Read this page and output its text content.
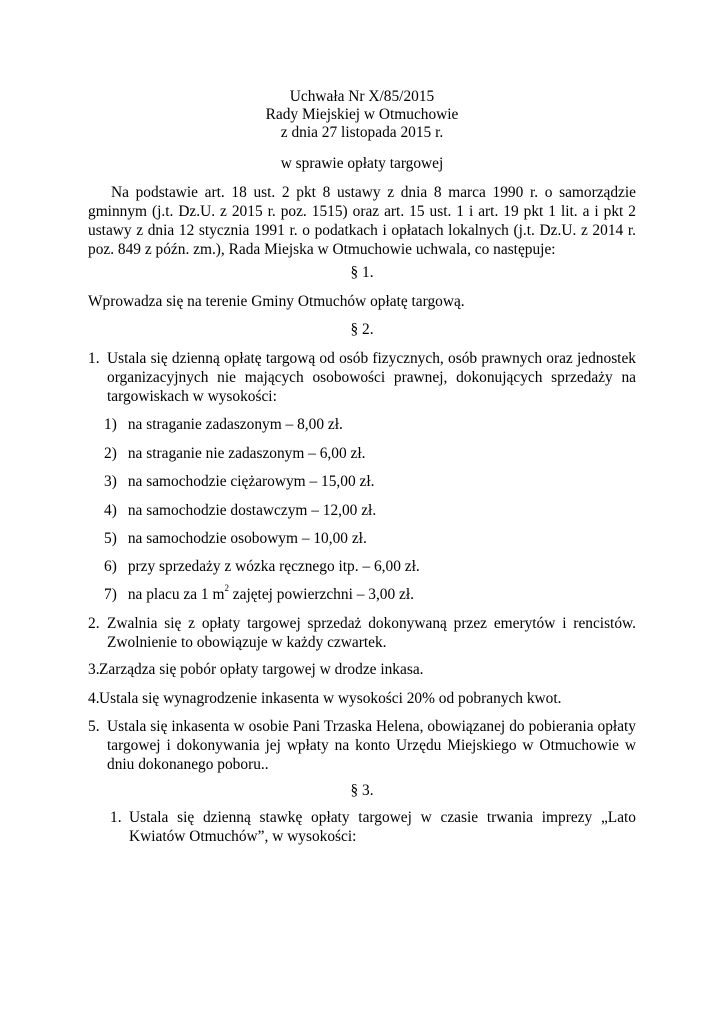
Uchwała Nr X/85/2015
Rady Miejskiej w Otmuchowie
z dnia 27 listopada 2015 r.
w sprawie opłaty targowej
Na podstawie art. 18 ust. 2 pkt 8 ustawy z dnia 8 marca 1990 r. o samorządzie gminnym (j.t. Dz.U. z 2015 r. poz. 1515) oraz art. 15 ust. 1 i art. 19 pkt 1 lit. a i pkt 2 ustawy z dnia 12 stycznia 1991 r. o podatkach i opłatach lokalnych (j.t. Dz.U. z 2014 r. poz. 849 z późn. zm.), Rada Miejska w Otmuchowie uchwala, co następuje:
§ 1.
Wprowadza się na terenie Gminy Otmuchów opłatę targową.
§ 2.
1. Ustala się dzienną opłatę targową od osób fizycznych, osób prawnych oraz jednostek organizacyjnych nie mających osobowości prawnej, dokonujących sprzedaży na targowiskach w wysokości:
1) na straganie zadaszonym – 8,00 zł.
2) na straganie nie zadaszonym – 6,00 zł.
3) na samochodzie ciężarowym – 15,00 zł.
4) na samochodzie dostawczym – 12,00 zł.
5) na samochodzie osobowym – 10,00 zł.
6) przy sprzedaży z wózka ręcznego itp. – 6,00 zł.
7) na placu za 1 $m^2$ zajętej powierzchni – 3,00 zł.
2. Zwalnia się z opłaty targowej sprzedaż dokonywaną przez emerytów i rencistów. Zwolnienie to obowiązuje w każdy czwartek.
3. Zarządza się pobór opłaty targowej w drodze inkasa.
4. Ustala się wynagrodzenie inkasenta w wysokości 20% od pobranych kwot.
5. Ustala się inkasenta w osobie Pani Trzaska Helena, obowiązanej do pobierania opłaty targowej i dokonywania jej wpłaty na konto Urzędu Miejskiego w Otmuchowie w dniu dokonanego poboru..
§ 3.
1. Ustala się dzienną stawkę opłaty targowej w czasie trwania imprezy „Lato Kwiatów Otmuchów”, w wysokości:
